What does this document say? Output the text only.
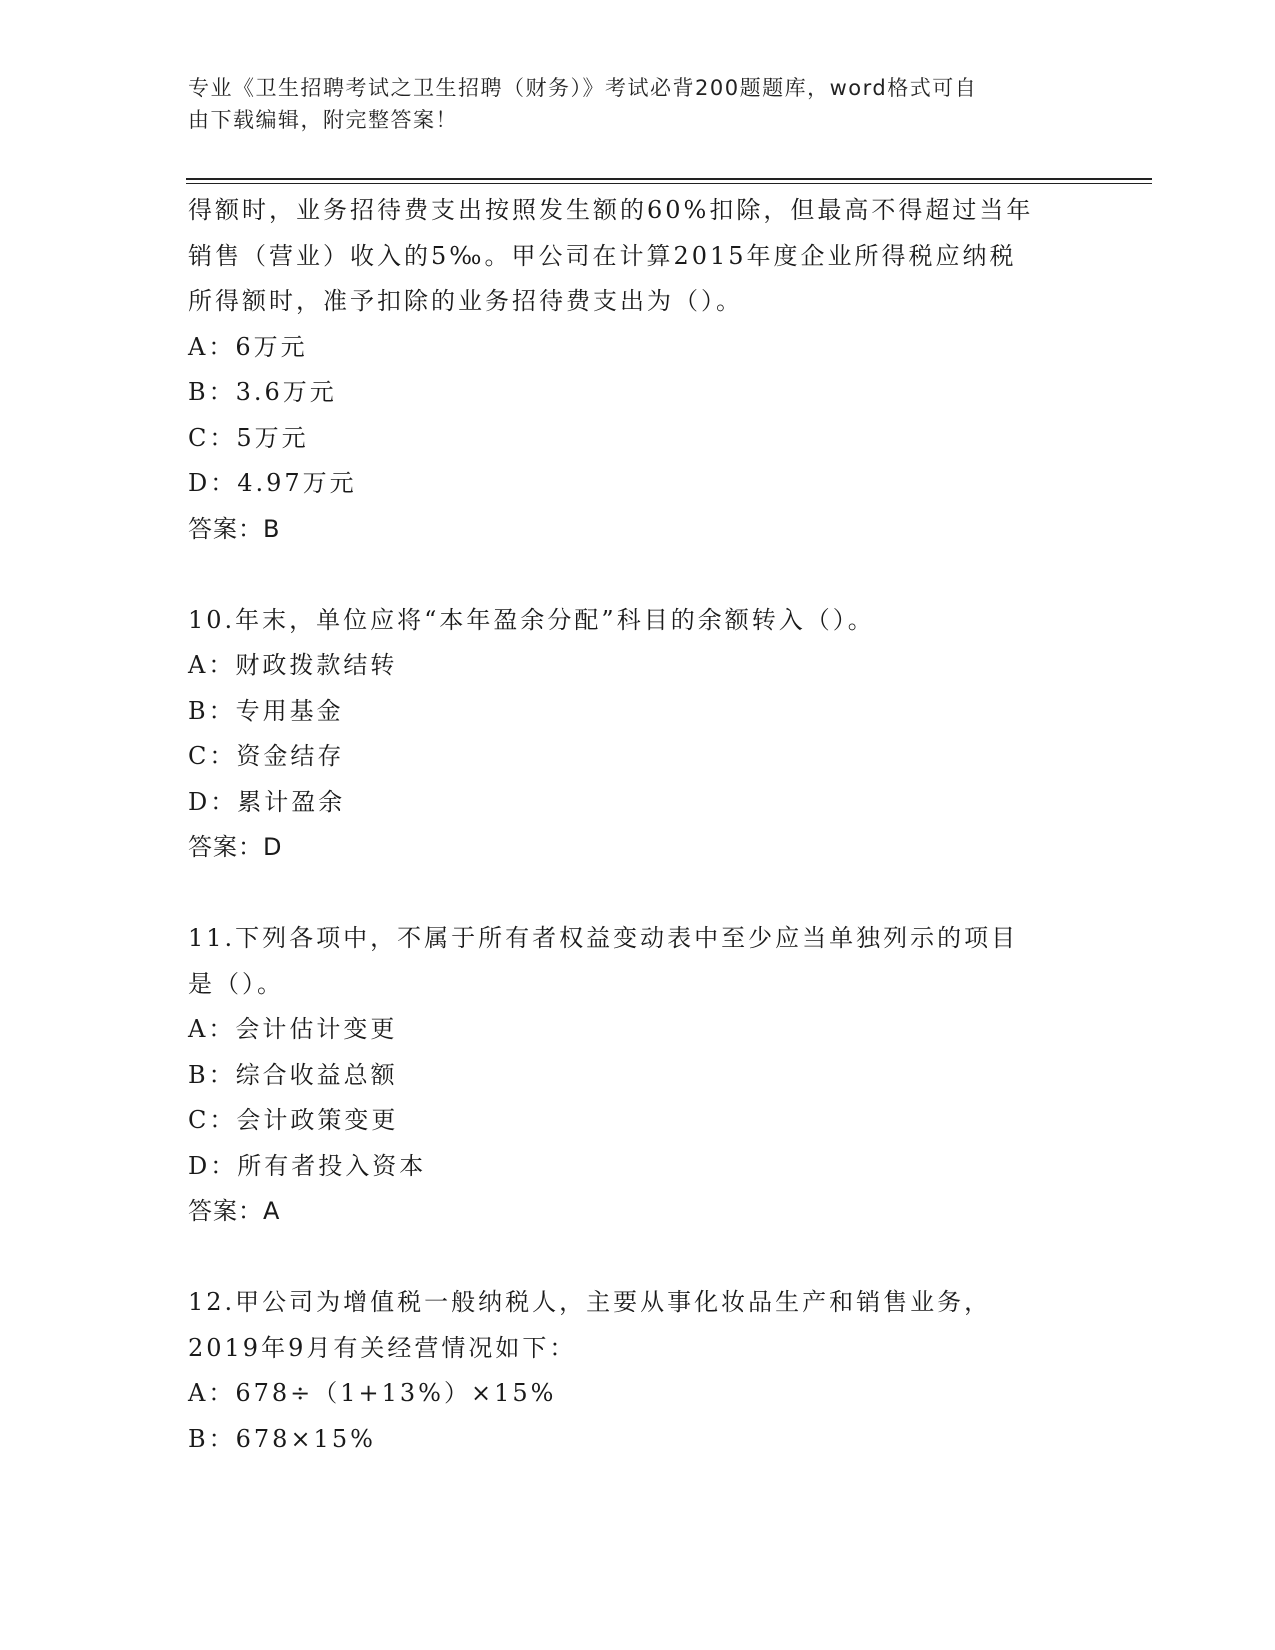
专业《卫生招聘考试之卫生招聘（财务）》考试必背200题题库，word格式可自
由下载编辑，附完整答案！
得额时，业务招待费支出按照发生额的60%扣除，但最高不得超过当年
销售（营业）收入的5‰。甲公司在计算2015年度企业所得税应纳税
所得额时，准予扣除的业务招待费支出为（）。
A：6万元
B：3.6万元
C：5万元
D：4.97万元
答案：B
10.年末，单位应将“本年盈余分配”科目的余额转入（）。
A：财政拨款结转
B：专用基金
C：资金结存
D：累计盈余
答案：D
11.下列各项中，不属于所有者权益变动表中至少应当单独列示的项目
是（）。
A：会计估计变更
B：综合收益总额
C：会计政策变更
D：所有者投入资本
答案：A
12.甲公司为增值税一般纳税人，主要从事化妆品生产和销售业务，
2019年9月有关经营情况如下：
A：678÷（1+13%）×15%
B：678×15%
